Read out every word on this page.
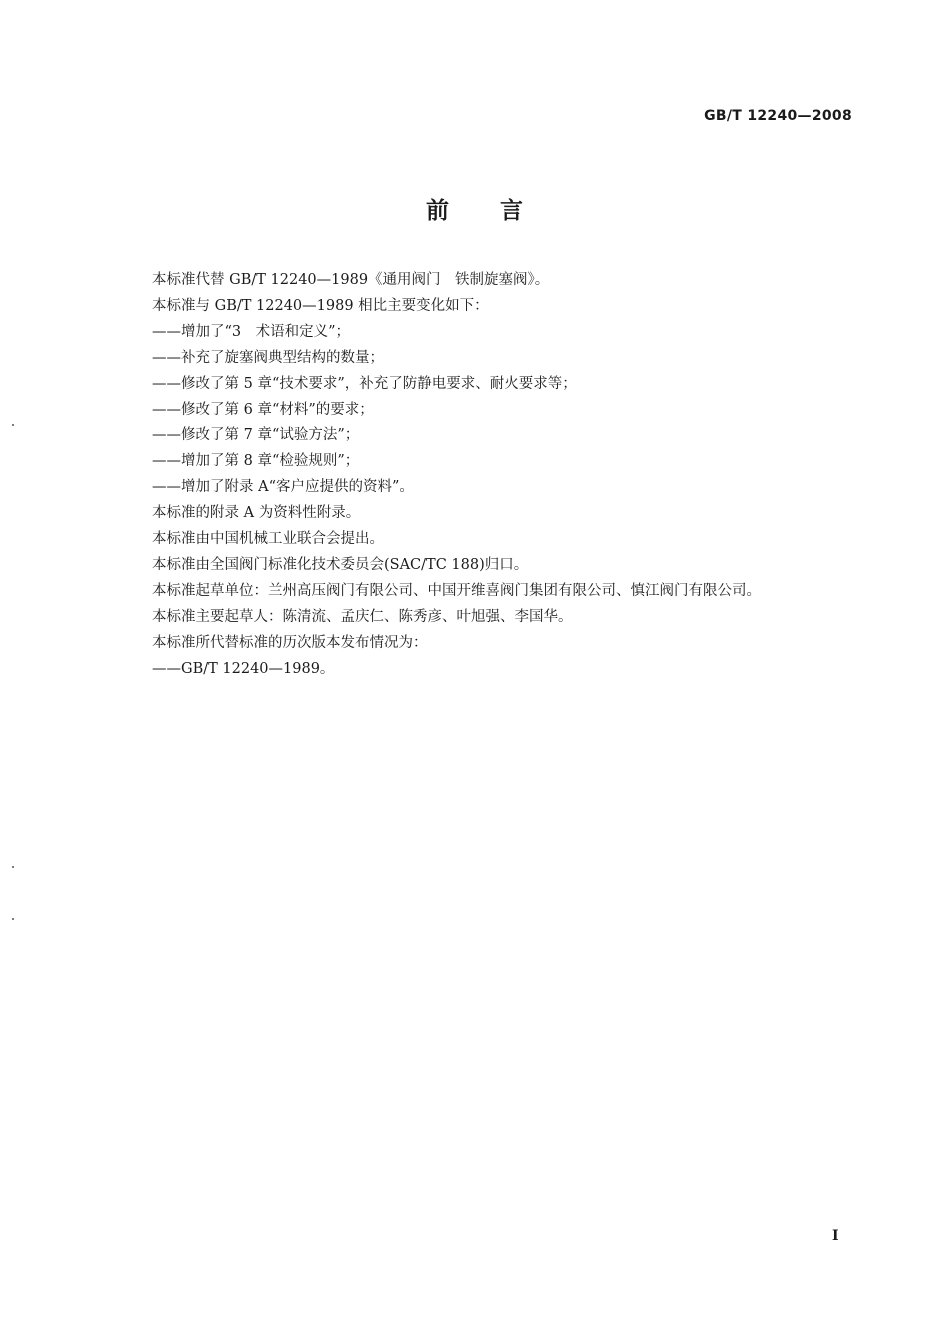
GB/T 12240—2008
前 言
本标准代替 GB/T 12240—1989《通用阀门　铁制旋塞阀》。
本标准与 GB/T 12240—1989 相比主要变化如下：
——增加了“3　术语和定义”；
——补充了旋塞阀典型结构的数量；
——修改了第 5 章“技术要求”，补充了防静电要求、耐火要求等；
——修改了第 6 章“材料”的要求；
——修改了第 7 章“试验方法”；
——增加了第 8 章“检验规则”；
——增加了附录 A“客户应提供的资料”。
本标准的附录 A 为资料性附录。
本标准由中国机械工业联合会提出。
本标准由全国阀门标准化技术委员会(SAC/TC 188)归口。
本标准起草单位：兰州高压阀门有限公司、中国开维喜阀门集团有限公司、慎江阀门有限公司。
本标准主要起草人：陈清流、孟庆仁、陈秀彦、叶旭强、李国华。
本标准所代替标准的历次版本发布情况为：
——GB/T 12240—1989。
I
